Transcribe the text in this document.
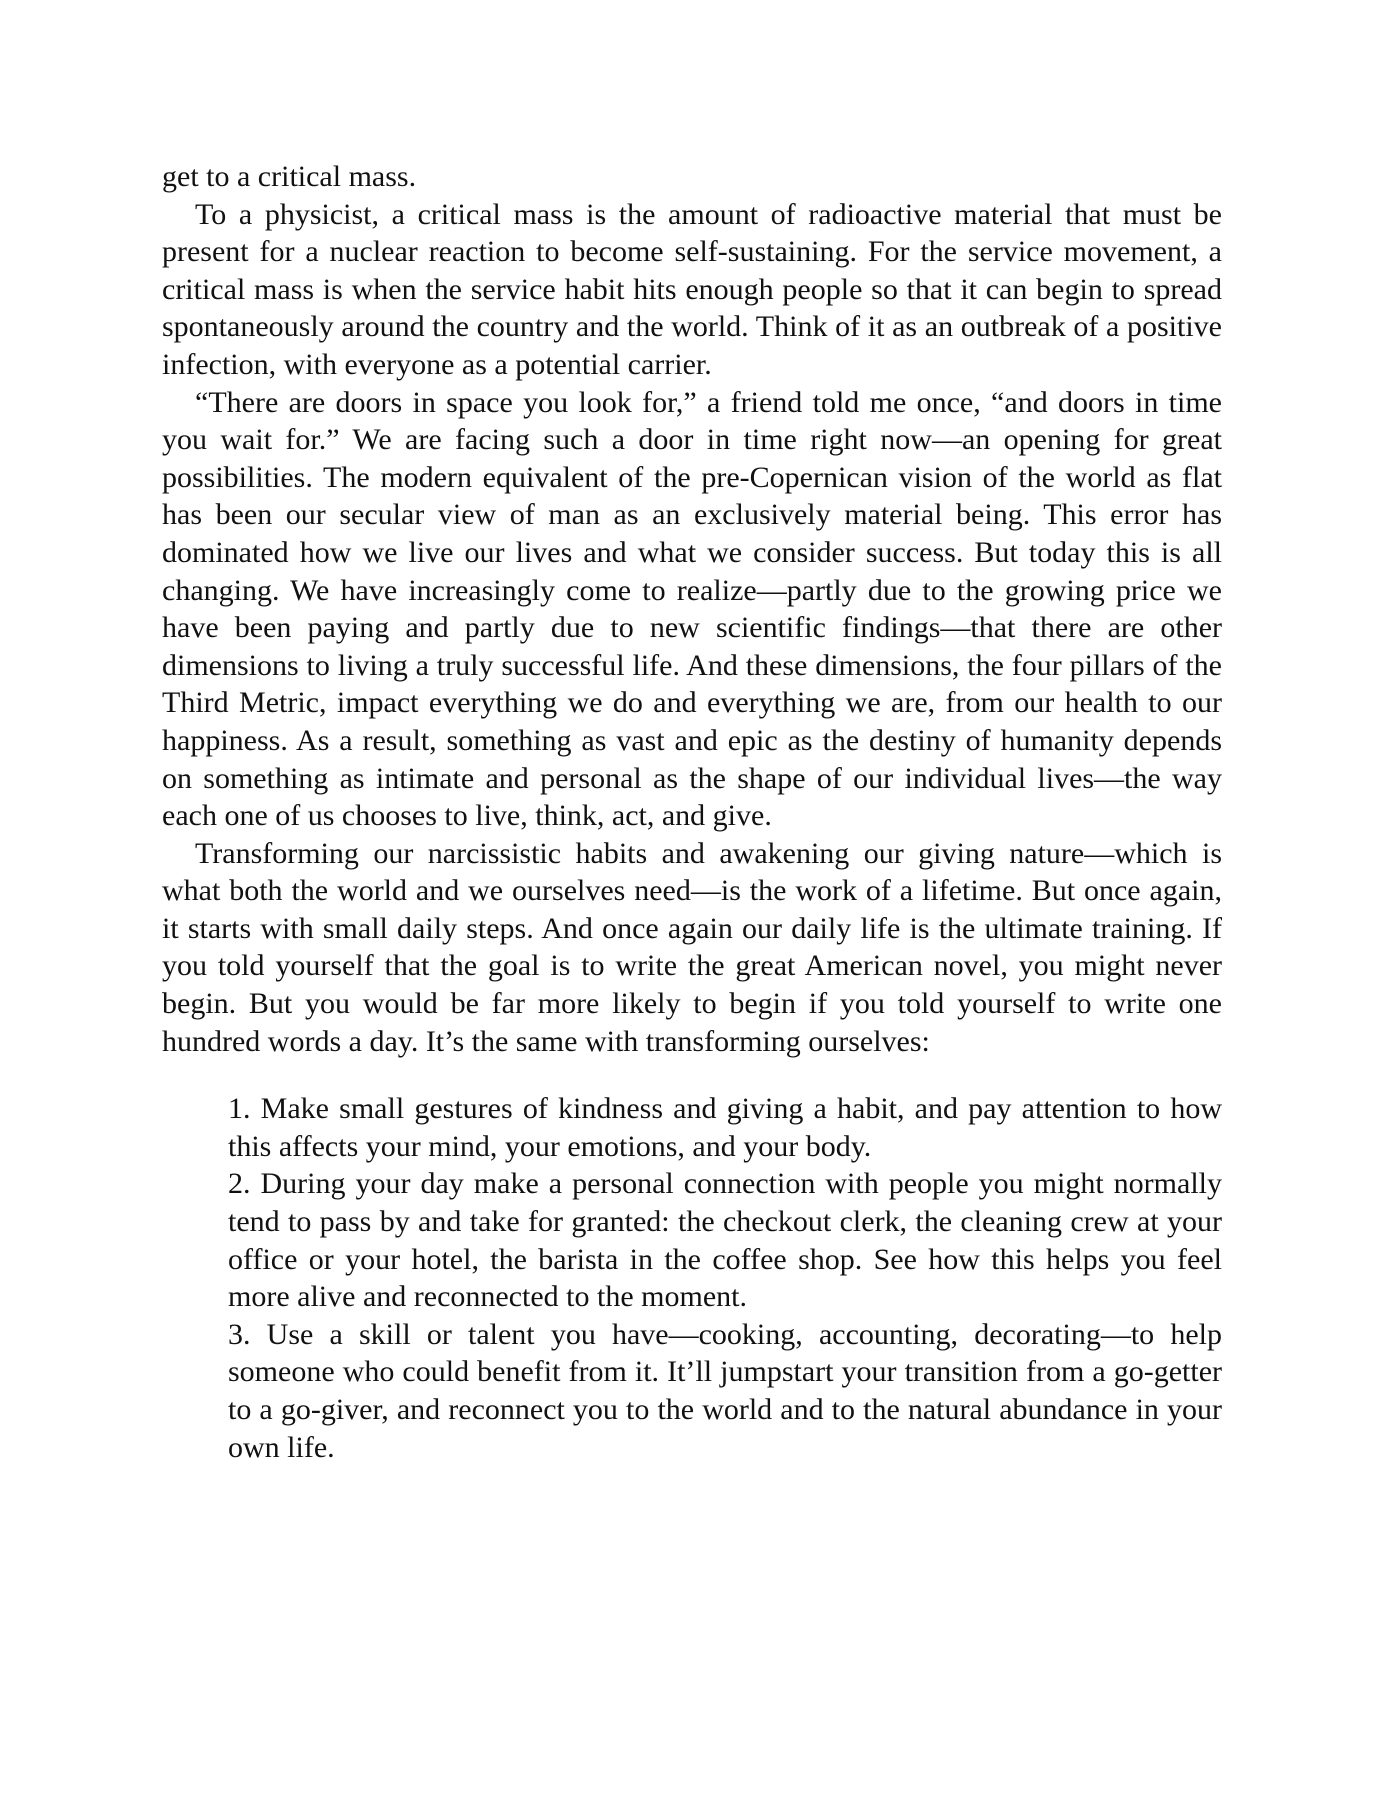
get to a critical mass.

To a physicist, a critical mass is the amount of radioactive material that must be present for a nuclear reaction to become self-sustaining. For the service movement, a critical mass is when the service habit hits enough people so that it can begin to spread spontaneously around the country and the world. Think of it as an outbreak of a positive infection, with everyone as a potential carrier.

“There are doors in space you look for,” a friend told me once, “and doors in time you wait for.” We are facing such a door in time right now—an opening for great possibilities. The modern equivalent of the pre-Copernican vision of the world as flat has been our secular view of man as an exclusively material being. This error has dominated how we live our lives and what we consider success. But today this is all changing. We have increasingly come to realize—partly due to the growing price we have been paying and partly due to new scientific findings—that there are other dimensions to living a truly successful life. And these dimensions, the four pillars of the Third Metric, impact everything we do and everything we are, from our health to our happiness. As a result, something as vast and epic as the destiny of humanity depends on something as intimate and personal as the shape of our individual lives—the way each one of us chooses to live, think, act, and give.

Transforming our narcissistic habits and awakening our giving nature—which is what both the world and we ourselves need—is the work of a lifetime. But once again, it starts with small daily steps. And once again our daily life is the ultimate training. If you told yourself that the goal is to write the great American novel, you might never begin. But you would be far more likely to begin if you told yourself to write one hundred words a day. It’s the same with transforming ourselves:

1. Make small gestures of kindness and giving a habit, and pay attention to how this affects your mind, your emotions, and your body.

2. During your day make a personal connection with people you might normally tend to pass by and take for granted: the checkout clerk, the cleaning crew at your office or your hotel, the barista in the coffee shop. See how this helps you feel more alive and reconnected to the moment.

3. Use a skill or talent you have—cooking, accounting, decorating—to help someone who could benefit from it. It’ll jumpstart your transition from a go-getter to a go-giver, and reconnect you to the world and to the natural abundance in your own life.
